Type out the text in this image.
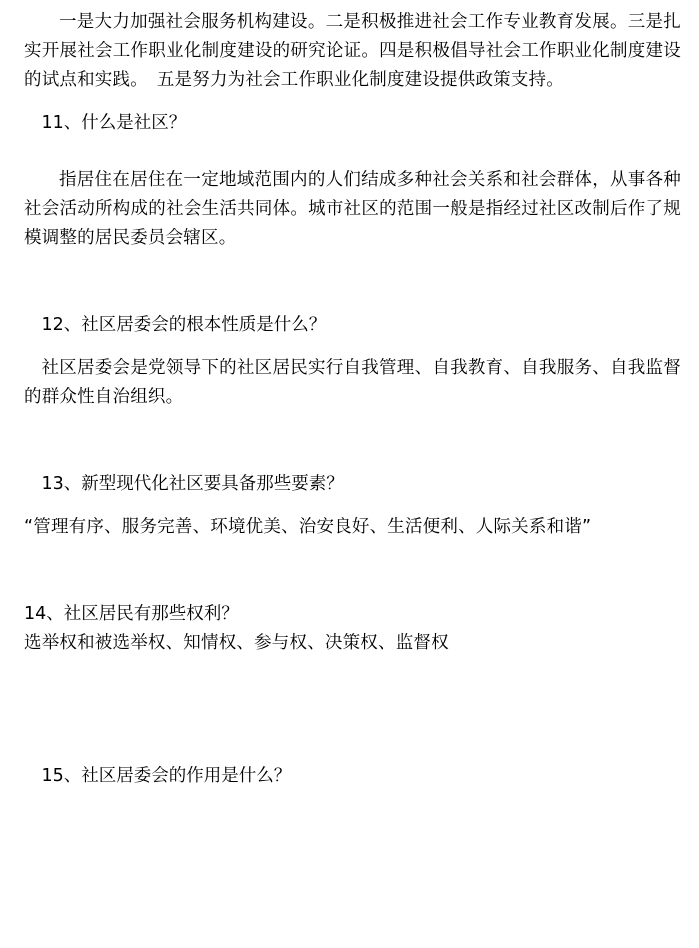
一是大力加强社会服务机构建设。二是积极推进社会工作专业教育发展。三是扎实开展社会工作职业化制度建设的研究论证。四是积极倡导社会工作职业化制度建设的试点和实践。　五是努力为社会工作职业化制度建设提供政策支持。

11、什么是社区？

指居住在居住在一定地域范围内的人们结成多种社会关系和社会群体，从事各种社会活动所构成的社会生活共同体。城市社区的范围一般是指经过社区改制后作了规模调整的居民委员会辖区。

12、社区居委会的根本性质是什么？

社区居委会是党领导下的社区居民实行自我管理、自我教育、自我服务、自我监督的群众性自治组织。

13、新型现代化社区要具备那些要素？

“管理有序、服务完善、环境优美、治安良好、生活便利、人际关系和谐”

14、社区居民有那些权利？

选举权和被选举权、知情权、参与权、决策权、监督权

15、社区居委会的作用是什么？
